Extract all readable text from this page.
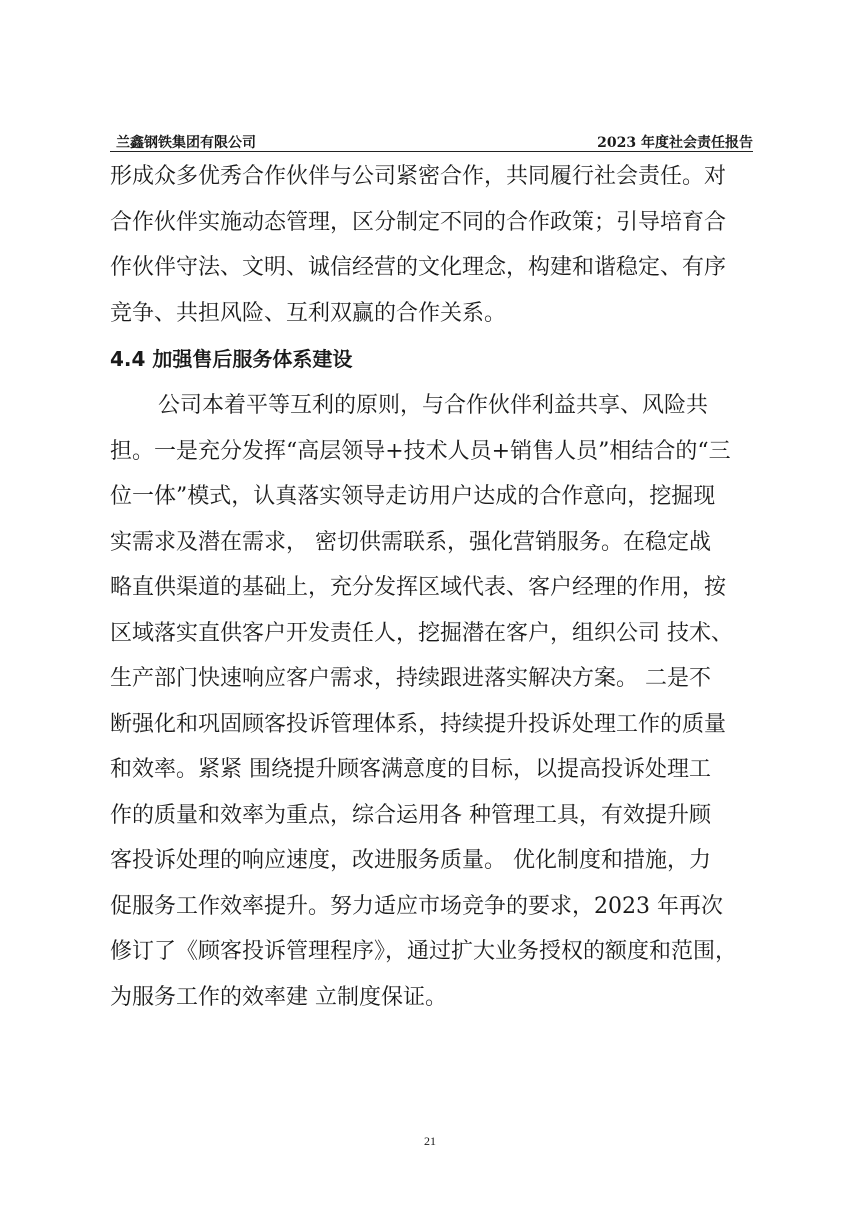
兰鑫钢铁集团有限公司	2023 年度社会责任报告
形成众多优秀合作伙伴与公司紧密合作，共同履行社会责任。对
合作伙伴实施动态管理，区分制定不同的合作政策；引导培育合
作伙伴守法、文明、诚信经营的文化理念，构建和谐稳定、有序
竞争、共担风险、互利双赢的合作关系。
4.4 加强售后服务体系建设
公司本着平等互利的原则，与合作伙伴利益共享、风险共
担。一是充分发挥“高层领导+技术人员+销售人员”相结合的“三
位一体”模式，认真落实领导走访用户达成的合作意向，挖掘现
实需求及潜在需求， 密切供需联系，强化营销服务。在稳定战
略直供渠道的基础上，充分发挥区域代表、客户经理的作用，按
区域落实直供客户开发责任人，挖掘潜在客户，组织公司 技术、
生产部门快速响应客户需求，持续跟进落实解决方案。 二是不
断强化和巩固顾客投诉管理体系，持续提升投诉处理工作的质量
和效率。紧紧 围绕提升顾客满意度的目标，以提高投诉处理工
作的质量和效率为重点，综合运用各 种管理工具，有效提升顾
客投诉处理的响应速度，改进服务质量。 优化制度和措施，力
促服务工作效率提升。努力适应市场竞争的要求，2023 年再次
修订了《顾客投诉管理程序》，通过扩大业务授权的额度和范围，
为服务工作的效率建 立制度保证。
21
